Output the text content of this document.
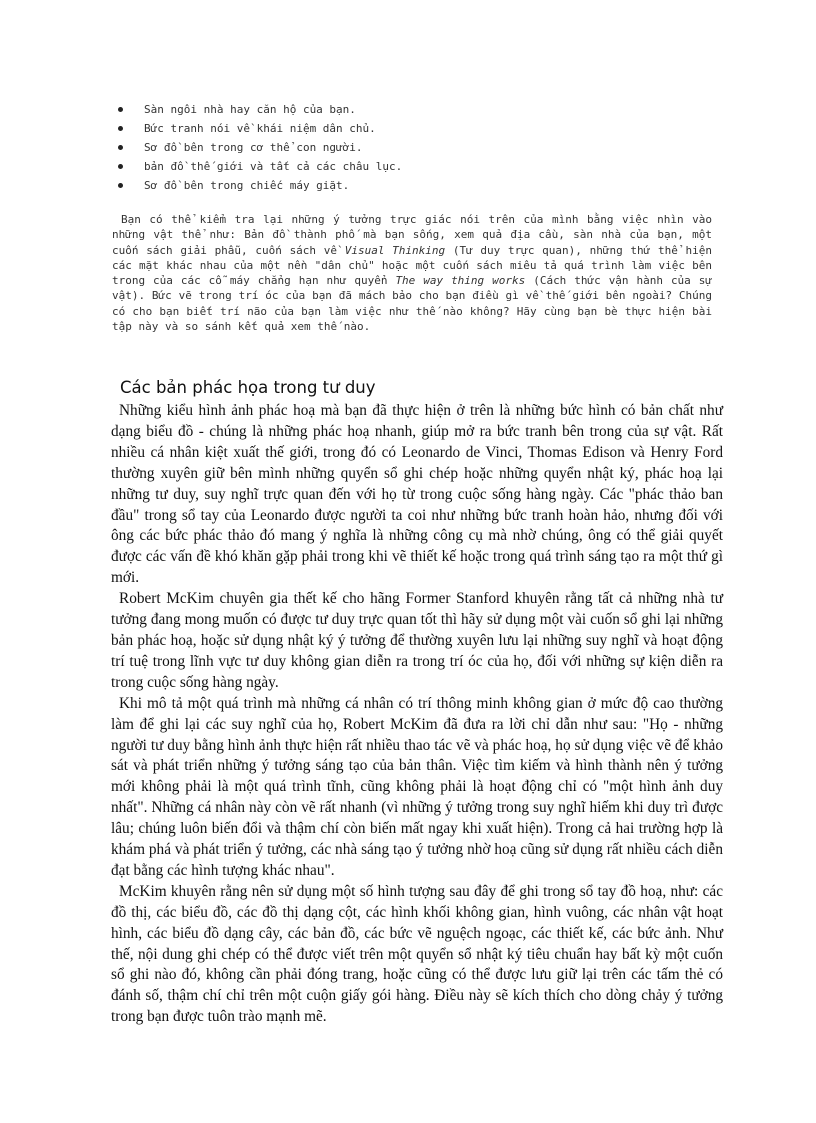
Sàn ngôi nhà hay căn hộ của bạn.
Bức tranh nói về khái niệm dân chủ.
Sơ đồ bên trong cơ thể con người.
bản đồ thế giới và tất cả các châu lục.
Sơ đồ bên trong chiếc máy giặt.

Bạn có thể kiểm tra lại những ý tưởng trực giác nói trên của mình bằng việc nhìn vào những vật thể như: Bản đồ thành phố mà bạn sống, xem quả địa cầu, sàn nhà của bạn, một cuốn sách giải phẫu, cuốn sách về Visual Thinking (Tư duy trực quan), những thứ thể hiện các mặt khác nhau của một nền "dân chủ" hoặc một cuốn sách miêu tả quá trình làm việc bên trong của các cỗ máy chẳng hạn như quyển The way thing works (Cách thức vận hành của sự vật). Bức vẽ trong trí óc của bạn đã mách bảo cho bạn điều gì về thế giới bên ngoài? Chúng có cho bạn biết trí não của bạn làm việc như thế nào không? Hãy cùng bạn bè thực hiện bài tập này và so sánh kết quả xem thế nào.

Các bản phác họa trong tư duy

Những kiểu hình ảnh phác hoạ mà bạn đã thực hiện ở trên là những bức hình có bản chất như dạng biểu đồ - chúng là những phác hoạ nhanh, giúp mở ra bức tranh bên trong của sự vật. Rất nhiều cá nhân kiệt xuất thế giới, trong đó có Leonardo de Vinci, Thomas Edison và Henry Ford thường xuyên giữ bên mình những quyển sổ ghi chép hoặc những quyển nhật ký, phác hoạ lại những tư duy, suy nghĩ trực quan đến với họ từ trong cuộc sống hàng ngày. Các "phác thảo ban đầu" trong sổ tay của Leonardo được người ta coi như những bức tranh hoàn hảo, nhưng đối với ông các bức phác thảo đó mang ý nghĩa là những công cụ mà nhờ chúng, ông có thể giải quyết được các vấn đề khó khăn gặp phải trong khi vẽ thiết kế hoặc trong quá trình sáng tạo ra một thứ gì mới.

Robert McKim chuyên gia thết kế cho hãng Former Stanford khuyên rằng tất cả những nhà tư tưởng đang mong muốn có được tư duy trực quan tốt thì hãy sử dụng một vài cuốn sổ ghi lại những bản phác hoạ, hoặc sử dụng nhật ký ý tưởng để thường xuyên lưu lại những suy nghĩ và hoạt động trí tuệ trong lĩnh vực tư duy không gian diễn ra trong trí óc của họ, đối với những sự kiện diễn ra trong cuộc sống hàng ngày.

Khi mô tả một quá trình mà những cá nhân có trí thông minh không gian ở mức độ cao thường làm để ghi lại các suy nghĩ của họ, Robert McKim đã đưa ra lời chỉ dẫn như sau: "Họ - những người tư duy bằng hình ảnh thực hiện rất nhiều thao tác vẽ và phác hoạ, họ sử dụng việc vẽ để khảo sát và phát triển những ý tưởng sáng tạo của bản thân. Việc tìm kiếm và hình thành nên ý tưởng mới không phải là một quá trình tĩnh, cũng không phải là hoạt động chỉ có "một hình ảnh duy nhất". Những cá nhân này còn vẽ rất nhanh (vì những ý tưởng trong suy nghĩ hiếm khi duy trì được lâu; chúng luôn biến đổi và thậm chí còn biến mất ngay khi xuất hiện). Trong cả hai trường hợp là khám phá và phát triển ý tưởng, các nhà sáng tạo ý tưởng nhờ hoạ cũng sử dụng rất nhiều cách diễn đạt bằng các hình tượng khác nhau".

McKim khuyên rằng nên sử dụng một số hình tượng sau đây để ghi trong sổ tay đồ hoạ, như: các đồ thị, các biểu đồ, các đồ thị dạng cột, các hình khối không gian, hình vuông, các nhân vật hoạt hình, các biểu đồ dạng cây, các bản đồ, các bức vẽ nguệch ngoạc, các thiết kế, các bức ảnh. Như thế, nội dung ghi chép có thể được viết trên một quyển sổ nhật ký tiêu chuẩn hay bất kỳ một cuốn sổ ghi nào đó, không cần phải đóng trang, hoặc cũng có thể được lưu giữ lại trên các tấm thẻ có đánh số, thậm chí chỉ trên một cuộn giấy gói hàng. Điều này sẽ kích thích cho dòng chảy ý tưởng trong bạn được tuôn trào mạnh mẽ.
